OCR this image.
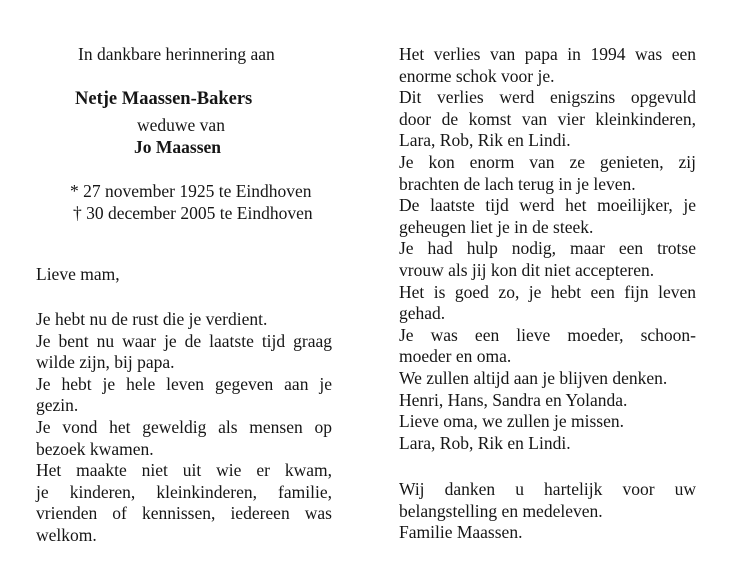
In dankbare herinnering aan
Netje Maassen-Bakers
weduwe van
Jo Maassen
* 27 november 1925 te Eindhoven
† 30 december 2005 te Eindhoven
Lieve mam,
Je hebt nu de rust die je verdient.
Je bent nu waar je de laatste tijd graag
wilde zijn, bij papa.
Je hebt je hele leven gegeven aan je
gezin.
Je vond het geweldig als mensen op
bezoek kwamen.
Het maakte niet uit wie er kwam,
je kinderen, kleinkinderen, familie,
vrienden of kennissen, iedereen was
welkom.
Het verlies van papa in 1994 was een
enorme schok voor je.
Dit verlies werd enigszins opgevuld
door de komst van vier kleinkinderen,
Lara, Rob, Rik en Lindi.
Je kon enorm van ze genieten, zij
brachten de lach terug in je leven.
De laatste tijd werd het moeilijker, je
geheugen liet je in de steek.
Je had hulp nodig, maar een trotse
vrouw als jij kon dit niet accepteren.
Het is goed zo, je hebt een fijn leven
gehad.
Je was een lieve moeder, schoon-
moeder en oma.
We zullen altijd aan je blijven denken.
Henri, Hans, Sandra en Yolanda.
Lieve oma, we zullen je missen.
Lara, Rob, Rik en Lindi.
Wij danken u hartelijk voor uw
belangstelling en medeleven.
Familie Maassen.
